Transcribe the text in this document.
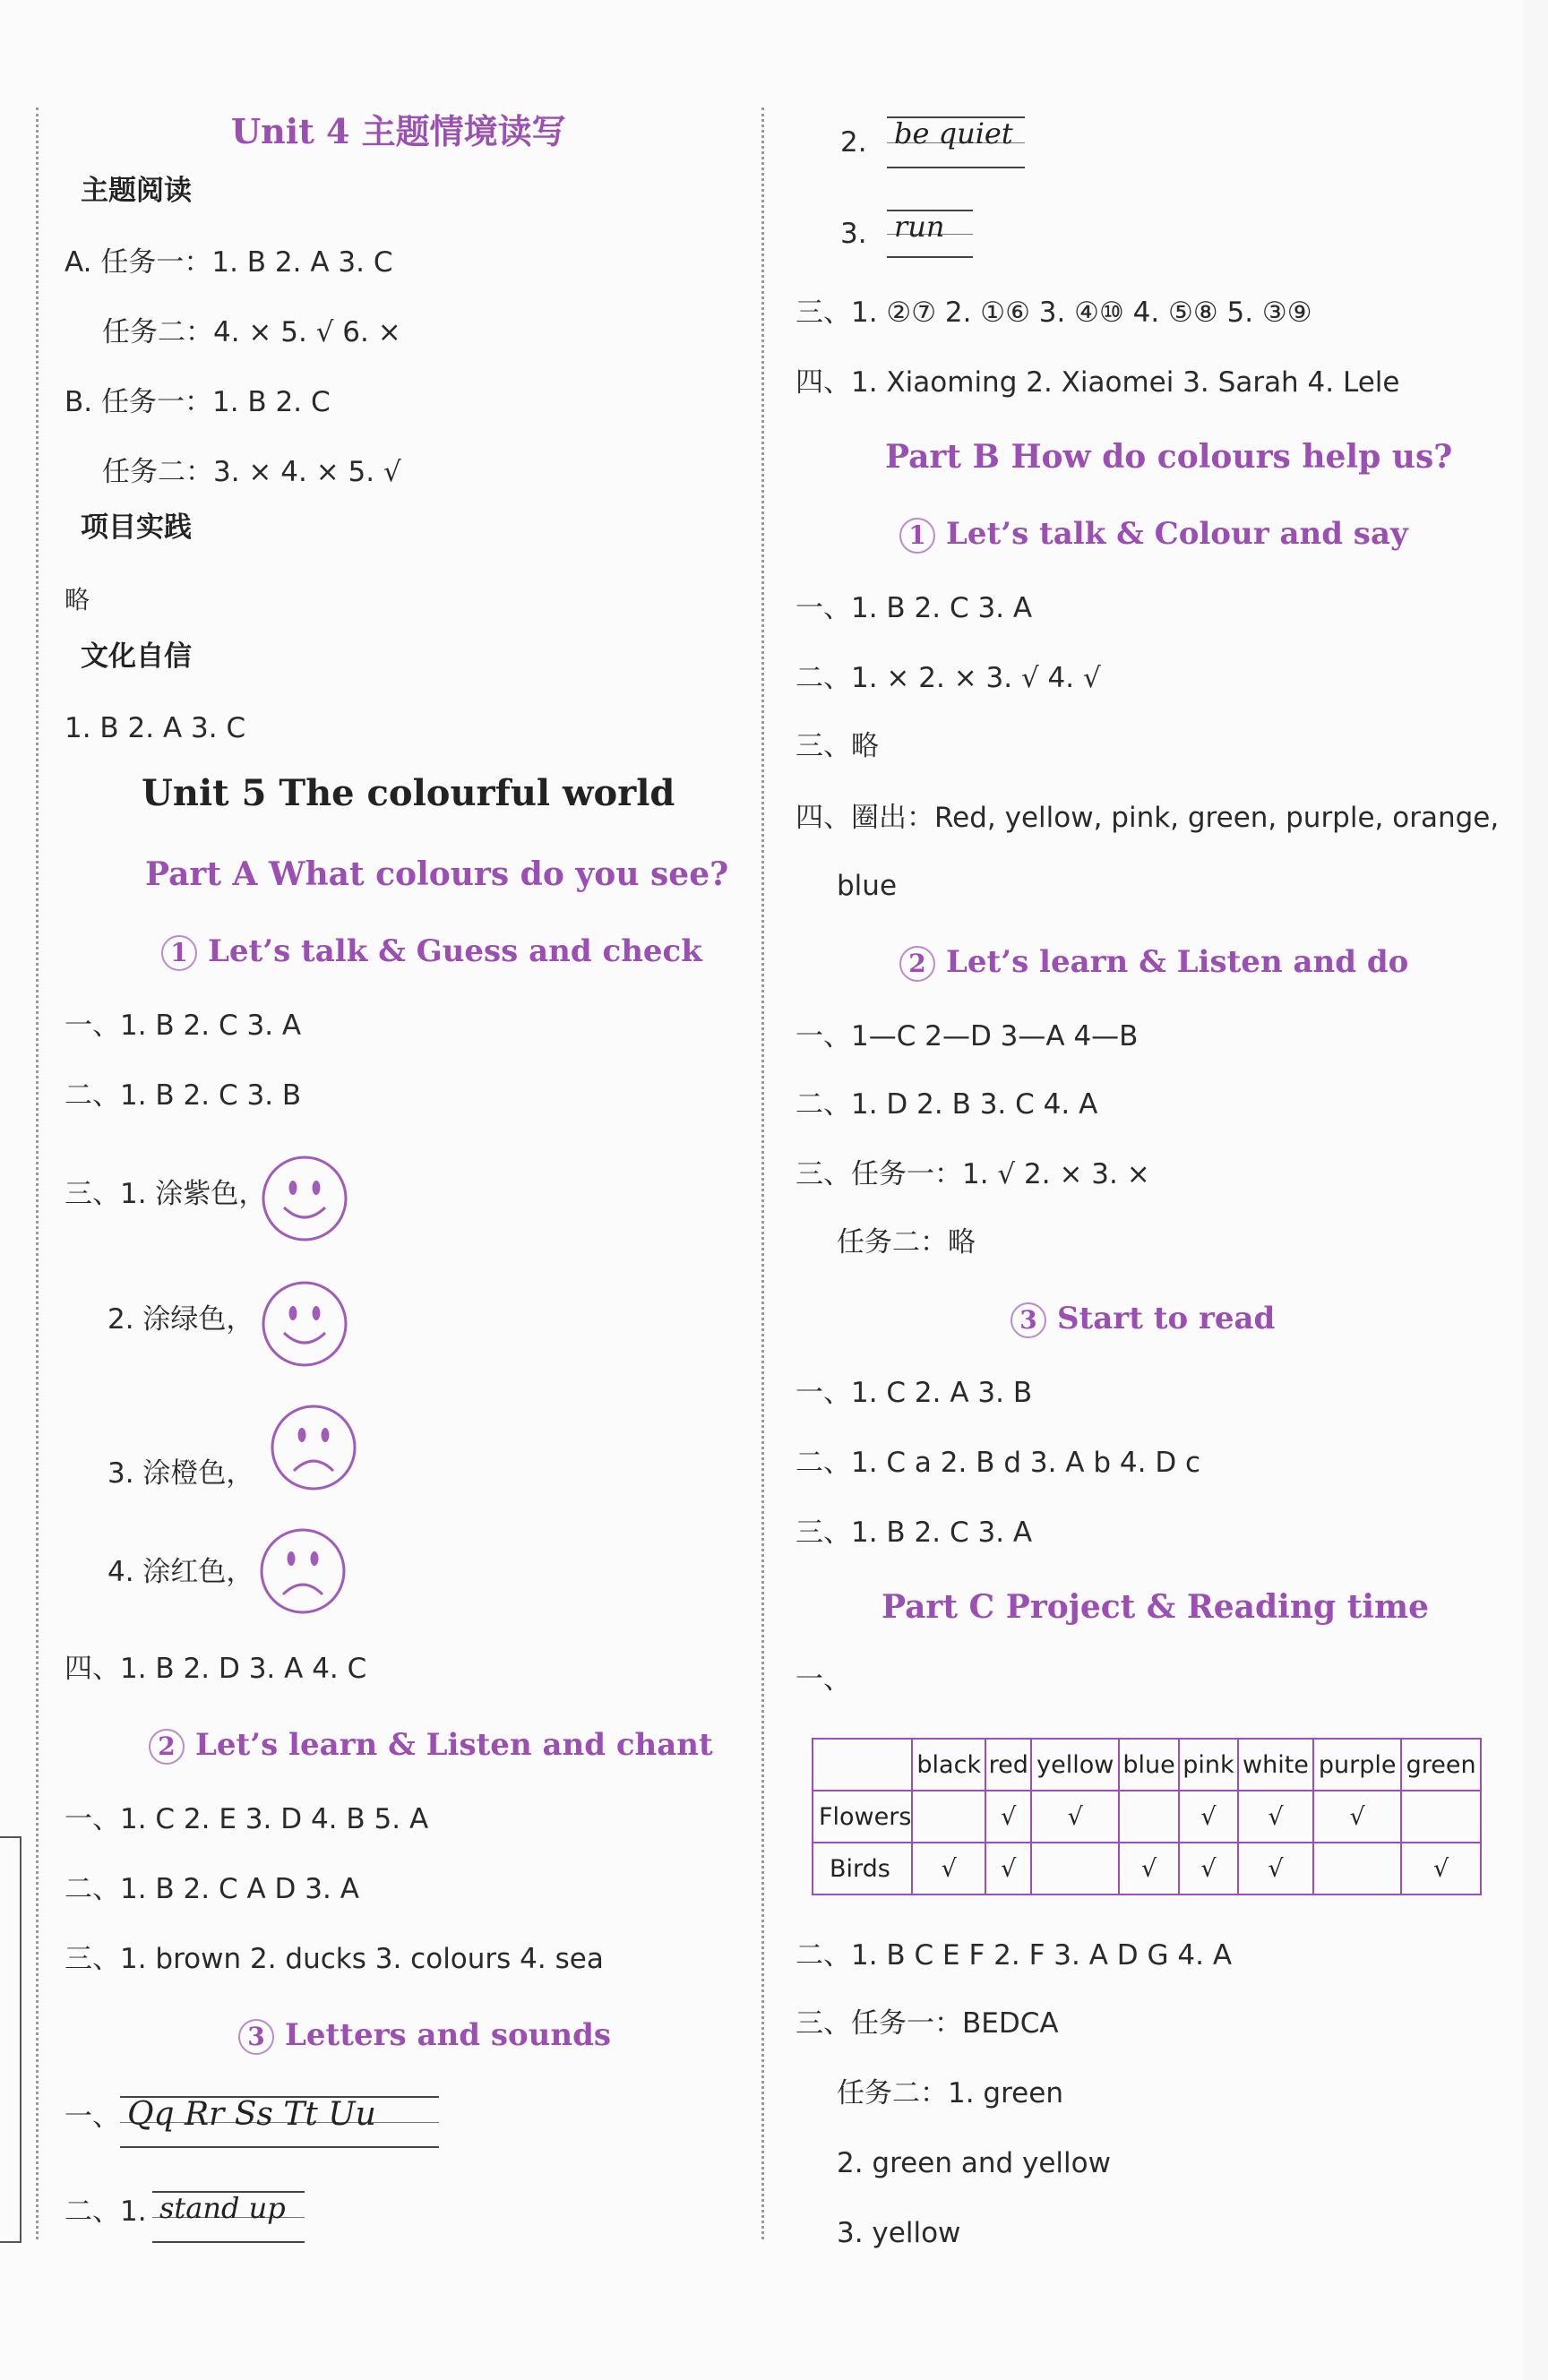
Unit 4 主题情境读写
主题阅读
A. 任务一：1. B 2. A 3. C
任务二：4. × 5. √ 6. ×
B. 任务一：1. B 2. C
任务二：3. × 4. × 5. √
项目实践
略
文化自信
1. B 2. A 3. C
Unit 5 The colourful world
Part A What colours do you see?
1 Let’s talk & Guess and check
一、1. B 2. C 3. A
二、1. B 2. C 3. B
三、1. 涂紫色，
2. 涂绿色，
3. 涂橙色，
4. 涂红色，
四、1. B 2. D 3. A 4. C
2 Let’s learn & Listen and chant
一、1. C 2. E 3. D 4. B 5. A
二、1. B 2. C A D 3. A
三、1. brown 2. ducks 3. colours 4. sea
3 Letters and sounds
一、 Qq Rr Ss Tt Uu
二、1. stand up
2. be quiet
3. run
三、1. ②⑦ 2. ①⑥ 3. ④⑩ 4. ⑤⑧ 5. ③⑨
四、1. Xiaoming 2. Xiaomei 3. Sarah 4. Lele
Part B How do colours help us?
1 Let’s talk & Colour and say
一、1. B 2. C 3. A
二、1. × 2. × 3. √ 4. √
三、略
四、圈出：Red, yellow, pink, green, purple, orange,
blue
2 Let’s learn & Listen and do
一、1—C 2—D 3—A 4—B
二、1. D 2. B 3. C 4. A
三、任务一：1. √ 2. × 3. ×
任务二：略
3 Start to read
一、1. C 2. A 3. B
二、1. C a 2. B d 3. A b 4. D c
三、1. B 2. C 3. A
Part C Project & Reading time
一、
	black	red	yellow	blue	pink	white	purple	green
Flowers		√	√		√	√	√	
Birds	√	√		√	√	√		√
二、1. B C E F 2. F 3. A D G 4. A
三、任务一：BEDCA
任务二：1. green
2. green and yellow
3. yellow
